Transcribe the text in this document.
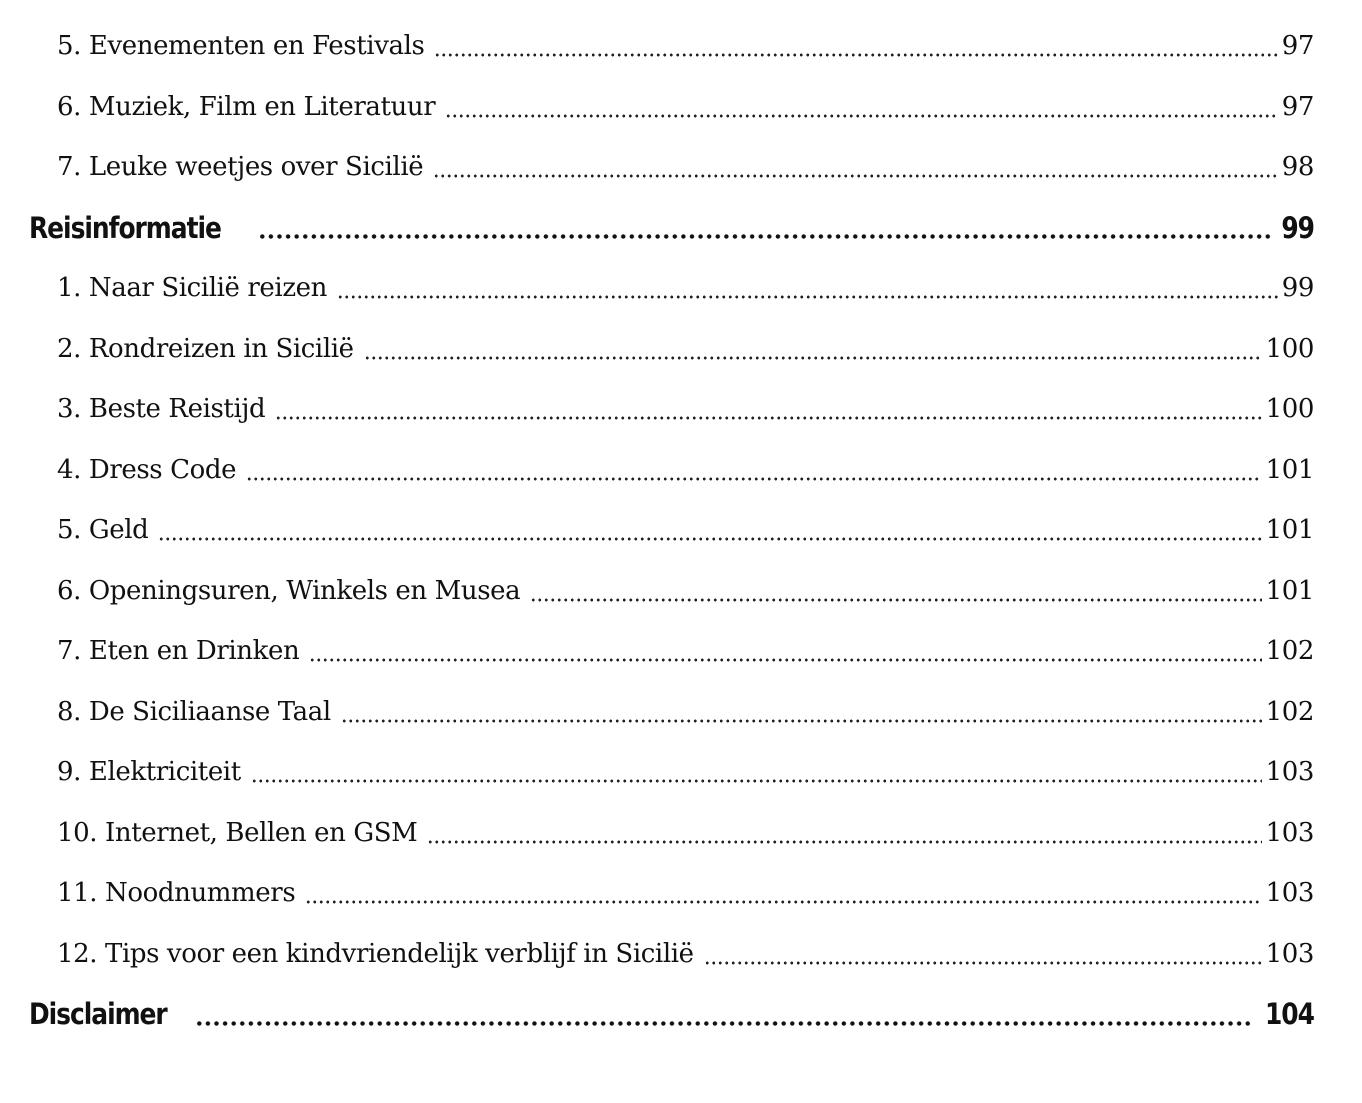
5. Evenementen en Festivals	97
6. Muziek, Film en Literatuur	97
7. Leuke weetjes over Sicilië	98
Reisinformatie	99
1. Naar Sicilië reizen	99
2. Rondreizen in Sicilië	100
3. Beste Reistijd	100
4. Dress Code	101
5. Geld	101
6. Openingsuren, Winkels en Musea	101
7. Eten en Drinken	102
8. De Siciliaanse Taal	102
9. Elektriciteit	103
10. Internet, Bellen en GSM	103
11. Noodnummers	103
12. Tips voor een kindvriendelijk verblijf in Sicilië	103
Disclaimer	104
